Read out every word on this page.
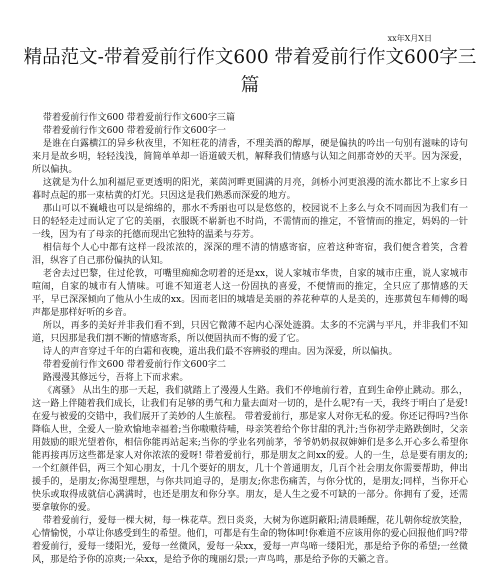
xx年X月X日
精品范文-带着爱前行作文600 带着爱前行作文600字三篇

带着爱前行作文600 带着爱前行作文600字三篇

带着爱前行作文600 带着爱前行作文600字一

是谁在白露横江的异乡秋夜里，不知枉花的清香，不理美酒的醇厚，硬是偏执的吟出一句别有滋味的诗句来月是故乡明，轻轻浅浅，简简单单却一语道破天机，解释我们情感与认知之间那奇妙的天平。因为深爱，所以偏执。

这就是为什么加利福尼亚更透明的阳光，莱茵河畔更圆满的月亮，剑桥小河更浪漫的流水都比不上家乡日暮时点起的那一束枯黄的灯光。只因这是我们熟悉而深爱的地方。

那山可以不巍峨也可以是绵绵的，那水不秀丽也可以是悠悠的，校园说不上多么与众不同而因为我们有一日的轻轻走过而认定了它的美丽，衣服既不崭新也不时尚，不需情而的推定，不管情而的推定，妈妈的一针一线，因为有了母亲的托德而现出它独特的温柔与芬芳。

相信每个人心中都有这样一段浓浓的，深深的理不清的情感寄宿，应着这种寄宿，我们便含着笑，含着泪，纵容了自己那份偏执的认知。

老舍去过巴黎，住过伦敦，可嘴里痴痴念叨着的还是xx，说人家城市华贵，自家的城市庄重，说人家城市喧闹，自家的城市有人情味。可谁不知道老人这一份固执的喜爱，不便情而的推定，全只应了那情感的天平，早已深深倾向了他从小生成的xx。因而老旧的城墙是美丽的养花种草的人是美的，连那黄包车师傅的喝声都是那样好听的乡音。

所以，再多的美好并非我们看不到，只因它微薄不起内心深处涟漪。太多的不完满与平凡，并非我们不知道，只因那是我们割不断的情感寄系，所以便固执而不悔的爱了它。

诗人的声音穿过千年的白霜和夜晚，道出我们最不容辨驳的理由。因为深爱，所以偏执。

带着爱前行作文600 带着爱前行作文600字二

路漫漫其修远兮，吾将上下而求索。

《离骚》 从出生的那一天起，我们就踏上了漫漫人生路。我们不停地前行着，直到生命停止跳动。那么，这一路上伴随着我们成长，让我们有足够的勇气和力量去面对一切的，是什么呢?有一天，我终于明白了是爱!在爱与被爱的交错中，我们展开了美妙的人生旅程。 带着爱前行，那是家人对你无私的爱。你还记得吗?当你降临人世，全爱人一脸欢愉地幸福着;当你嗷嗷待哺，母亲笑着给个你甘甜的乳汁;当你初学走路跌倒时，父亲用鼓励的眼光望着你，相信你能再站起来;当你的学业名列前茅，爷爷奶奶叔叔婶婶们是多么开心多么希望你能再接再厉这些都是家人对你浓浓的爱呀! 带着爱前行，那是朋友之间xx的爱。人的一生，总是要有朋友的;一个红颜伴侣，两三个知心朋友，十几个要好的朋友，几十个普通朋友，几百个社会朋友你需要帮助，伸出援手的，是朋友;你渴望理想，与你共同追寻的，是朋友;你悲伤痛苦，与你分忧的，是朋友;同样，当你开心快乐或取得成就信心满满时，也还是朋友和你分享。朋友，是人生之爱不可缺的一部分。你拥有了爱，还需要拿敏你的爱。

带着爱前行，爱每一棵大树，每一株花草。烈日炎炎，大树为你遮阴蔽阳;清晨睡醒，花儿朝你绽放笑脸，心情愉悦，小草让你感受到生的希望。他们，可都是有生命的物体呵!你难道不应该用你的爱心回报他们吗?带着爱前行，爱每一缕阳光，爱每一丝微风，爱每一朵xx，爱每一声鸟啼一缕阳光，那是给予你的希望;一丝微风，那是给予你的凉爽;一朵xx，是给予你的瑰丽幻景;一声鸟鸣，那是给予你的天籁之音。
